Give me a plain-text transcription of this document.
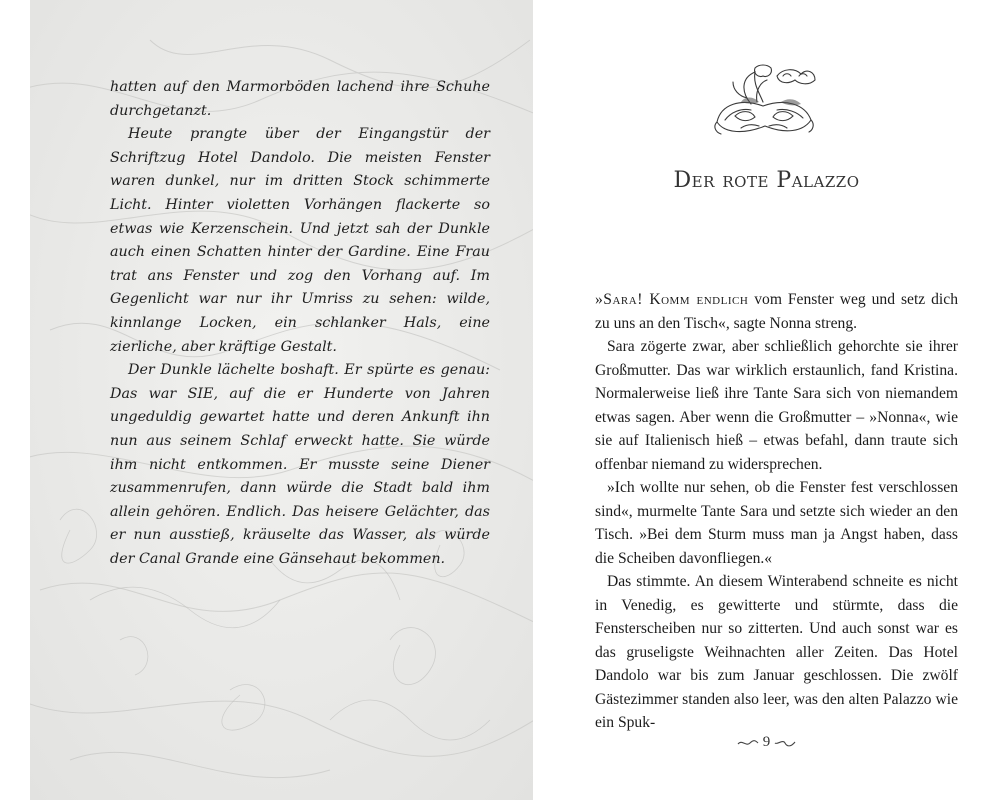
hatten auf den Marmorböden lachend ihre Schuhe durchgetanzt.

Heute prangte über der Eingangstür der Schriftzug Hotel Dandolo. Die meisten Fenster waren dunkel, nur im dritten Stock schimmerte Licht. Hinter violetten Vorhängen flackerte so etwas wie Kerzenschein. Und jetzt sah der Dunkle auch einen Schatten hinter der Gardine. Eine Frau trat ans Fenster und zog den Vorhang auf. Im Gegenlicht war nur ihr Umriss zu sehen: wilde, kinnlange Locken, ein schlanker Hals, eine zierliche, aber kräftige Gestalt.

Der Dunkle lächelte boshaft. Er spürte es genau: Das war SIE, auf die er Hunderte von Jahren ungeduldig gewartet hatte und deren Ankunft ihn nun aus seinem Schlaf erweckt hatte. Sie würde ihm nicht entkommen. Er musste seine Diener zusammenrufen, dann würde die Stadt bald ihm allein gehören. Endlich. Das heisere Gelächter, das er nun ausstieß, kräuselte das Wasser, als würde der Canal Grande eine Gänsehaut bekommen.

Der rote Palazzo

»Sara! Komm endlich vom Fenster weg und setz dich zu uns an den Tisch«, sagte Nonna streng.

Sara zögerte zwar, aber schließlich gehorchte sie ihrer Großmutter. Das war wirklich erstaunlich, fand Kristina. Normalerweise ließ ihre Tante Sara sich von niemandem etwas sagen. Aber wenn die Großmutter – »Nonna«, wie sie auf Italienisch hieß – etwas befahl, dann traute sich offenbar niemand zu widersprechen.

»Ich wollte nur sehen, ob die Fenster fest verschlossen sind«, murmelte Tante Sara und setzte sich wieder an den Tisch. »Bei dem Sturm muss man ja Angst haben, dass die Scheiben davonfliegen.«

Das stimmte. An diesem Winterabend schneite es nicht in Venedig, es gewitterte und stürmte, dass die Fensterscheiben nur so zitterten. Und auch sonst war es das gruseligste Weihnachten aller Zeiten. Das Hotel Dandolo war bis zum Januar geschlossen. Die zwölf Gästezimmer standen also leer, was den alten Palazzo wie ein Spuk-

9
